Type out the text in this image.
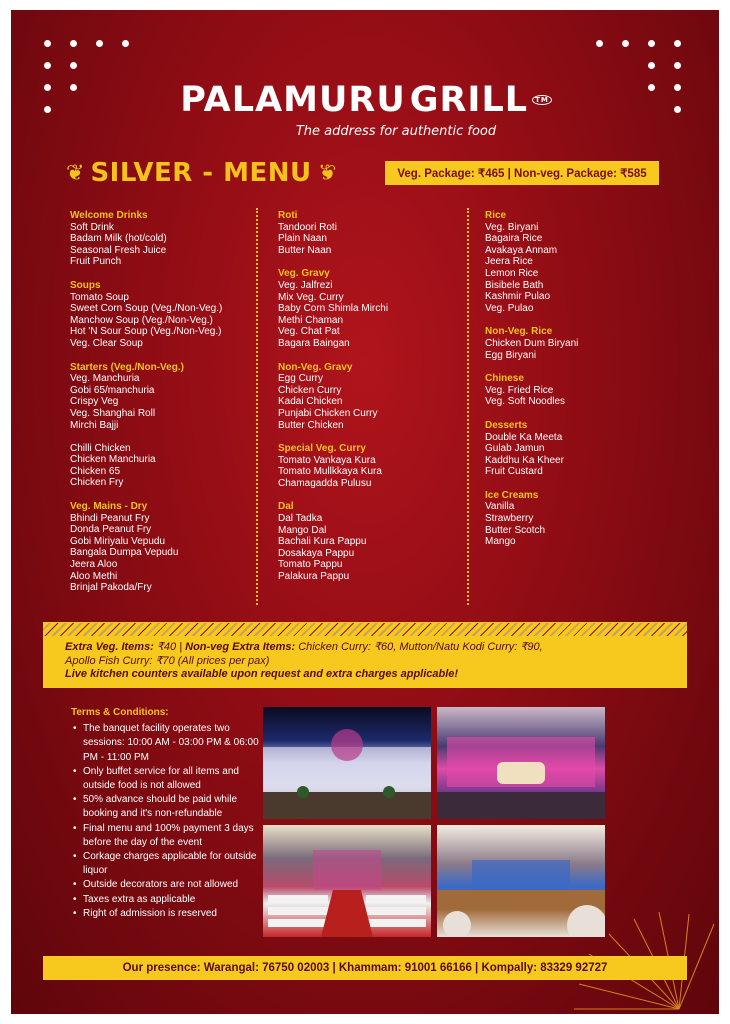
PALAMURU GRILL	TM
The address for authentic food
❦ SILVER - MENU ❦	Veg. Package: ₹465 | Non-veg. Package: ₹585
Welcome Drinks
Soft Drink
Badam Milk (hot/cold)
Seasonal Fresh Juice
Fruit Punch
Soups
Tomato Soup
Sweet Corn Soup (Veg./Non-Veg.)
Manchow Soup (Veg./Non-Veg.)
Hot 'N Sour Soup (Veg./Non-Veg.)
Veg. Clear Soup
Starters (Veg./Non-Veg.)
Veg. Manchuria
Gobi 65/manchuria
Crispy Veg
Veg. Shanghai Roll
Mirchi Bajji
Chilli Chicken
Chicken Manchuria
Chicken 65
Chicken Fry
Veg. Mains - Dry
Bhindi Peanut Fry
Donda Peanut Fry
Gobi Miriyalu Vepudu
Bangala Dumpa Vepudu
Jeera Aloo
Aloo Methi
Brinjal Pakoda/Fry
Roti
Tandoori Roti
Plain Naan
Butter Naan
Veg. Gravy
Veg. Jalfrezi
Mix Veg. Curry
Baby Corn Shimla Mirchi
Methi Chaman
Veg. Chat Pat
Bagara Baingan
Non-Veg. Gravy
Egg Curry
Chicken Curry
Kadai Chicken
Punjabi Chicken Curry
Butter Chicken
Special Veg. Curry
Tomato Vankaya Kura
Tomato Mullkkaya Kura
Chamagadda Pulusu
Dal
Dal Tadka
Mango Dal
Bachali Kura Pappu
Dosakaya Pappu
Tomato Pappu
Palakura Pappu
Rice
Veg. Biryani
Bagaira Rice
Avakaya Annam
Jeera Rice
Lemon Rice
Bisibele Bath
Kashmir Pulao
Veg. Pulao
Non-Veg. Rice
Chicken Dum Biryani
Egg Biryani
Chinese
Veg. Fried Rice
Veg. Soft Noodles
Desserts
Double Ka Meeta
Gulab Jamun
Kaddhu Ka Kheer
Fruit Custard
Ice Creams
Vanilla
Strawberry
Butter Scotch
Mango
Extra Veg. Items: ₹40 | Non-veg Extra Items: Chicken Curry: ₹60, Mutton/Natu Kodi Curry: ₹90,
Apollo Fish Curry: ₹70 (All prices per pax)
Live kitchen counters available upon request and extra charges applicable!
Terms & Conditions:
• The banquet facility operates two sessions: 10:00 AM - 03:00 PM & 06:00 PM - 11:00 PM
• Only buffet service for all items and outside food is not allowed
• 50% advance should be paid while booking and it's non-refundable
• Final menu and 100% payment 3 days before the day of the event
• Corkage charges applicable for outside liquor
• Outside decorators are not allowed
• Taxes extra as applicable
• Right of admission is reserved
Our presence: Warangal: 76750 02003 | Khammam: 91001 66166 | Kompally: 83329 92727
